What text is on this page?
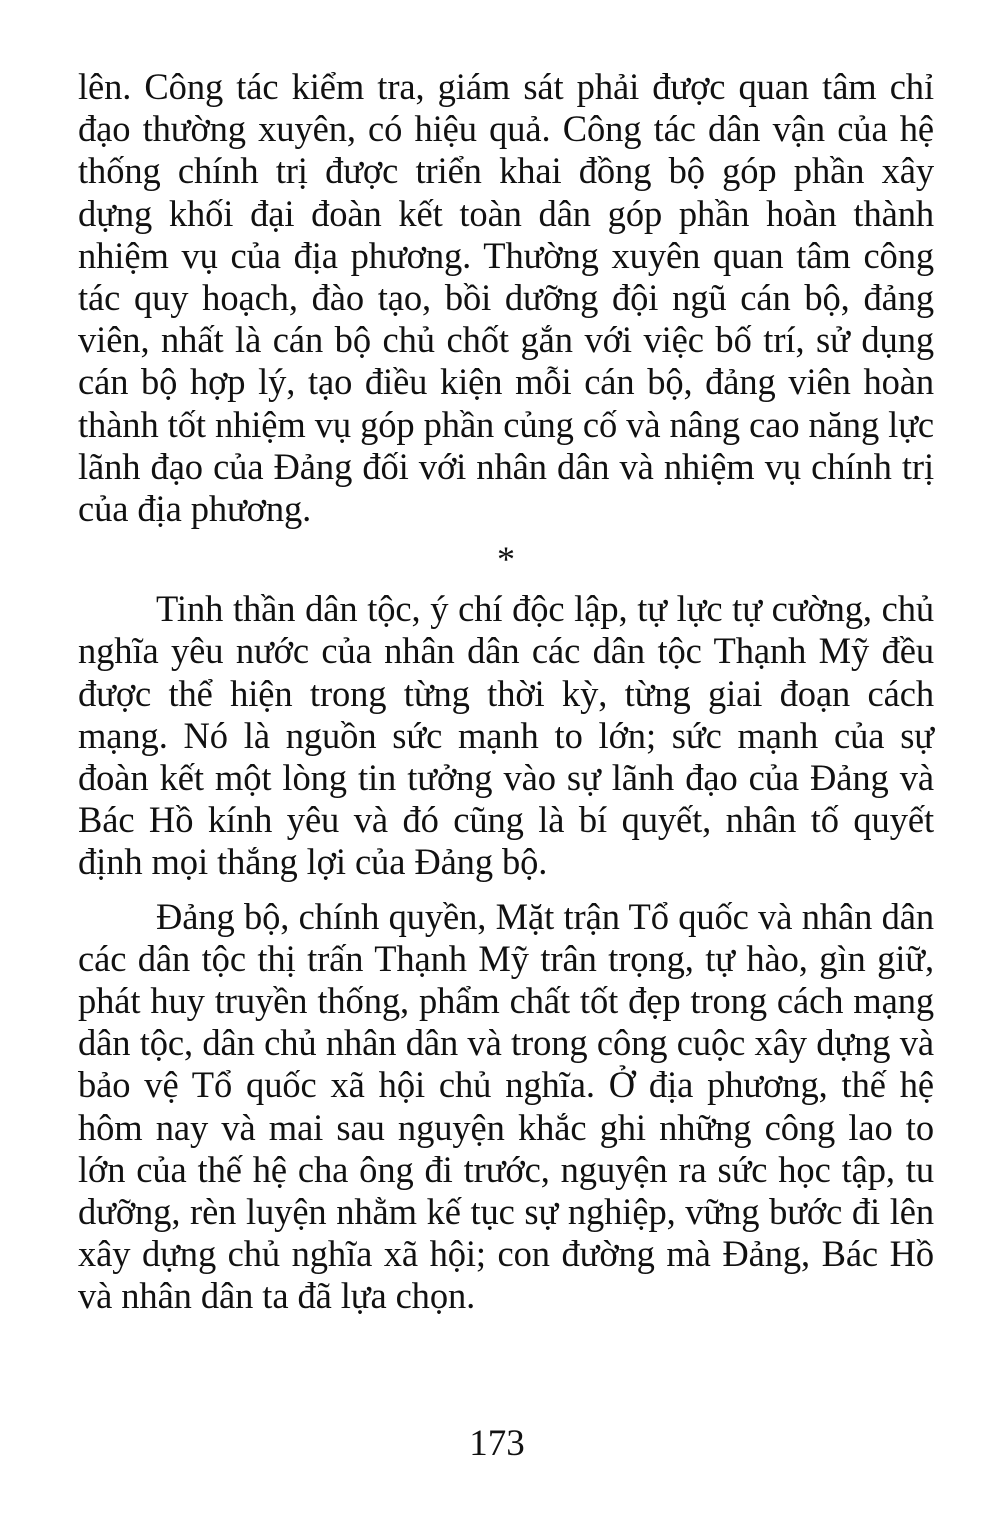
lên. Công tác kiểm tra, giám sát phải được quan tâm chỉ đạo thường xuyên, có hiệu quả. Công tác dân vận của hệ thống chính trị được triển khai đồng bộ góp phần xây dựng khối đại đoàn kết toàn dân góp phần hoàn thành nhiệm vụ của địa phương. Thường xuyên quan tâm công tác quy hoạch, đào tạo, bồi dưỡng đội ngũ cán bộ, đảng viên, nhất là cán bộ chủ chốt gắn với việc bố trí, sử dụng cán bộ hợp lý, tạo điều kiện mỗi cán bộ, đảng viên hoàn thành tốt nhiệm vụ góp phần củng cố và nâng cao năng lực lãnh đạo của Đảng đối với nhân dân và nhiệm vụ chính trị của địa phương.

*

Tinh thần dân tộc, ý chí độc lập, tự lực tự cường, chủ nghĩa yêu nước của nhân dân các dân tộc Thạnh Mỹ đều được thể hiện trong từng thời kỳ, từng giai đoạn cách mạng. Nó là nguồn sức mạnh to lớn; sức mạnh của sự đoàn kết một lòng tin tưởng vào sự lãnh đạo của Đảng và Bác Hồ kính yêu và đó cũng là bí quyết, nhân tố quyết định mọi thắng lợi của Đảng bộ.

Đảng bộ, chính quyền, Mặt trận Tổ quốc và nhân dân các dân tộc thị trấn Thạnh Mỹ trân trọng, tự hào, gìn giữ, phát huy truyền thống, phẩm chất tốt đẹp trong cách mạng dân tộc, dân chủ nhân dân và trong công cuộc xây dựng và bảo vệ Tổ quốc xã hội chủ nghĩa. Ở địa phương, thế hệ hôm nay và mai sau nguyện khắc ghi những công lao to lớn của thế hệ cha ông đi trước, nguyện ra sức học tập, tu dưỡng, rèn luyện nhằm kế tục sự nghiệp, vững bước đi lên xây dựng chủ nghĩa xã hội; con đường mà Đảng, Bác Hồ và nhân dân ta đã lựa chọn.

173
